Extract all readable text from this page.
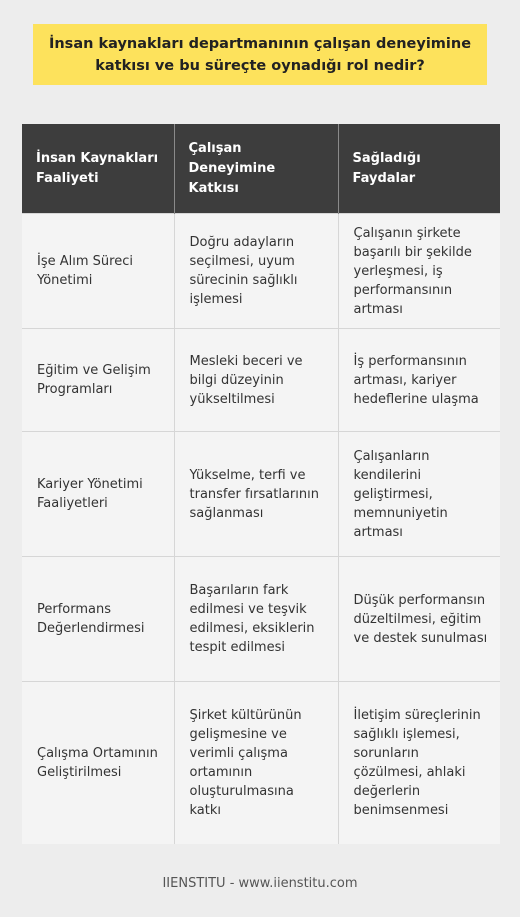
İnsan kaynakları departmanının çalışan deneyimine katkısı ve bu süreçte oynadığı rol nedir?
İnsan Kaynakları Faaliyeti	Çalışan Deneyimine Katkısı	Sağladığı Faydalar
İşe Alım Süreci Yönetimi	Doğru adayların seçilmesi, uyum sürecinin sağlıklı işlemesi	Çalışanın şirkete başarılı bir şekilde yerleşmesi, iş performansının artması
Eğitim ve Gelişim Programları	Mesleki beceri ve bilgi düzeyinin yükseltilmesi	İş performansının artması, kariyer hedeflerine ulaşma
Kariyer Yönetimi Faaliyetleri	Yükselme, terfi ve transfer fırsatlarının sağlanması	Çalışanların kendilerini geliştirmesi, memnuniyetin artması
Performans Değerlendirmesi	Başarıların fark edilmesi ve teşvik edilmesi, eksiklerin tespit edilmesi	Düşük performansın düzeltilmesi, eğitim ve destek sunulması
Çalışma Ortamının Geliştirilmesi	Şirket kültürünün gelişmesine ve verimli çalışma ortamının oluşturulmasına katkı	İletişim süreçlerinin sağlıklı işlemesi, sorunların çözülmesi, ahlaki değerlerin benimsenmesi
IIENSTITU - www.iienstitu.com
